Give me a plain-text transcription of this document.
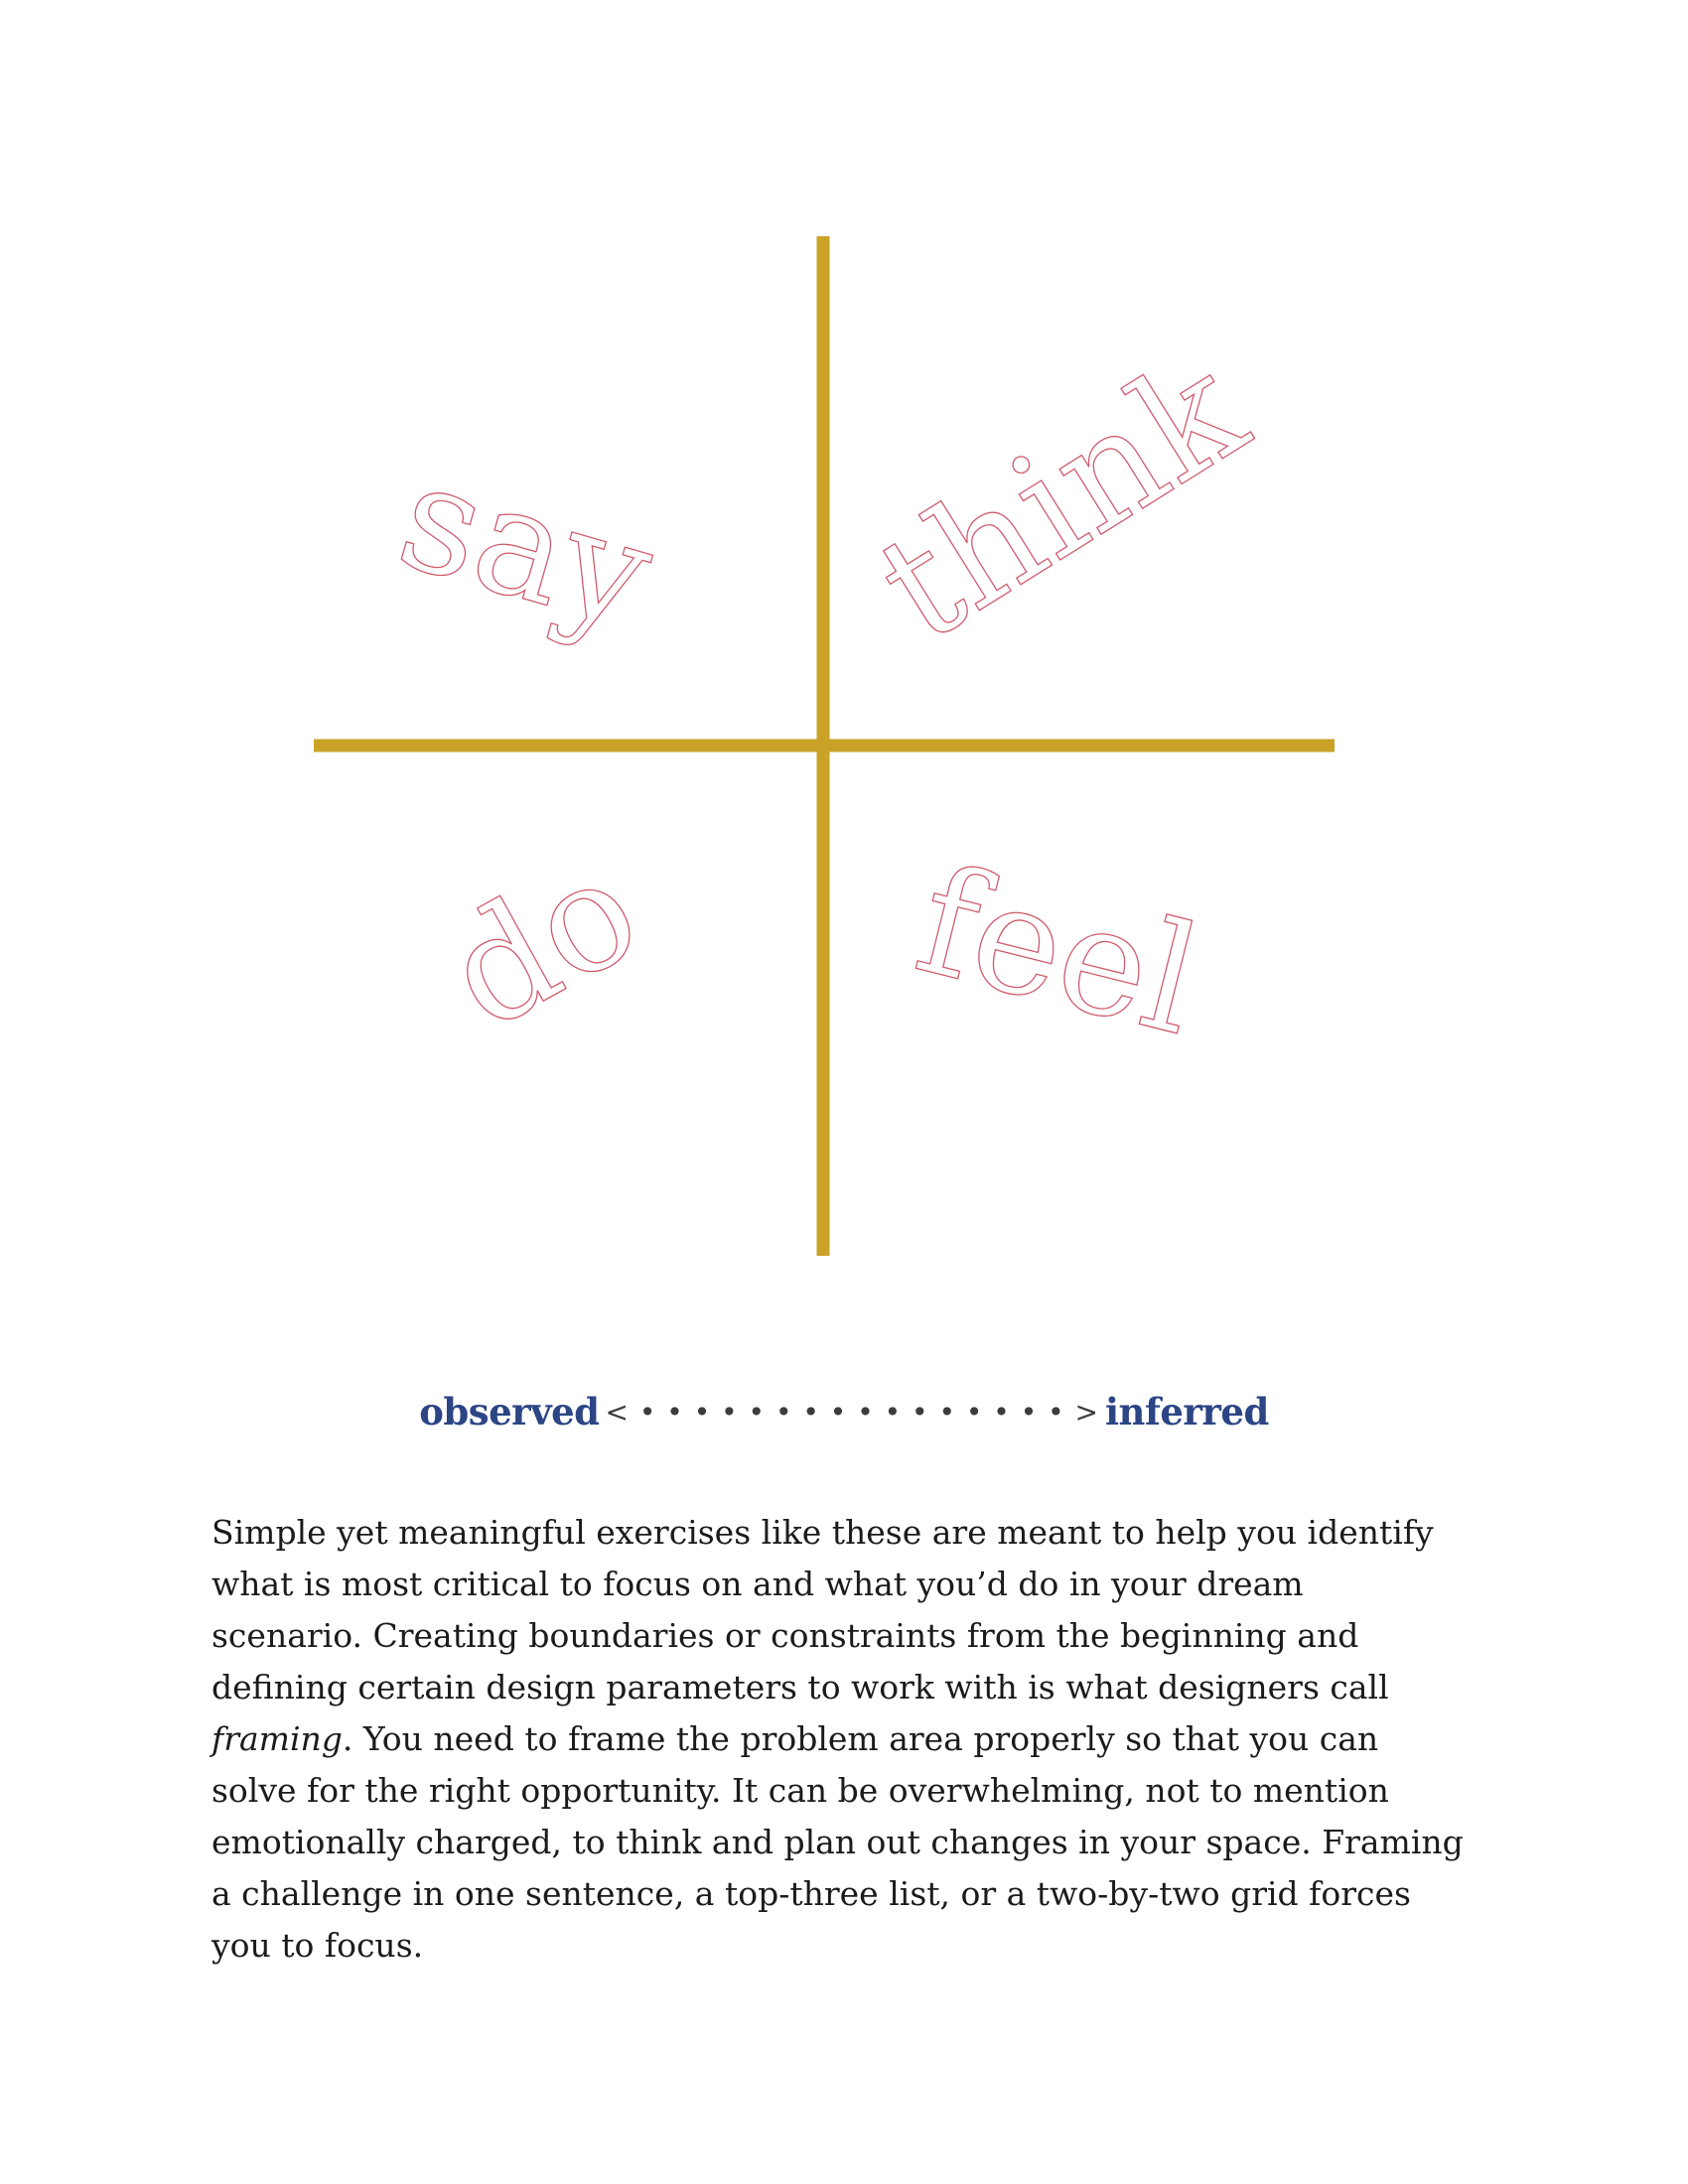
say think
do feel
observed < • • • • • • • • • • • • • • • • > inferred

Simple yet meaningful exercises like these are meant to help you identify
what is most critical to focus on and what you’d do in your dream
scenario. Creating boundaries or constraints from the beginning and
defining certain design parameters to work with is what designers call
framing. You need to frame the problem area properly so that you can
solve for the right opportunity. It can be overwhelming, not to mention
emotionally charged, to think and plan out changes in your space. Framing
a challenge in one sentence, a top-three list, or a two-by-two grid forces
you to focus.
